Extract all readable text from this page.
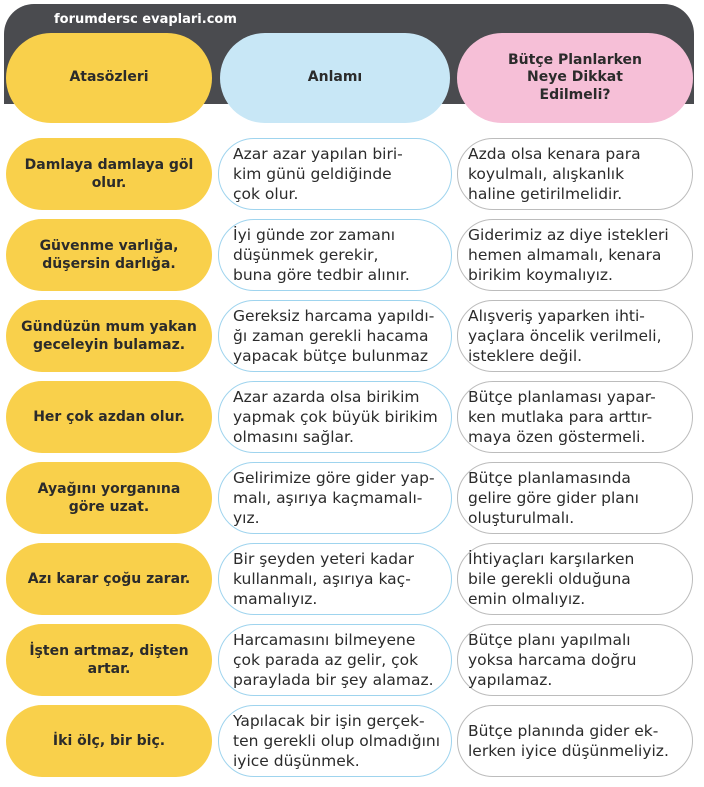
forumdersc evaplari.com
Atasözleri	Anlamı
Bütçe Planlarken
Neye Dikkat
Edilmeli?
Damlaya damlaya göl olur.
Azar azar yapılan biri-
kim günü geldiğinde
çok olur.
Azda olsa kenara para
koyulmalı, alışkanlık
haline getirilmelidir.
Güvenme varlığa, düşersin darlığa.
İyi günde zor zamanı
düşünmek gerekir,
buna göre tedbir alınır.
Giderimiz az diye istekleri
hemen almamalı, kenara
birikim koymalıyız.
Gündüzün mum yakan geceleyin bulamaz.
Gereksiz harcama yapıldı-
ğı zaman gerekli hacama
yapacak bütçe bulunmaz
Alışveriş yaparken ihti-
yaçlara öncelik verilmeli,
isteklere değil.
Her çok azdan olur.
Azar azarda olsa birikim
yapmak çok büyük birikim
olmasını sağlar.
Bütçe planlaması yapar-
ken mutlaka para arttır-
maya özen göstermeli.
Ayağını yorganına göre uzat.
Gelirimize göre gider yap-
malı, aşırıya kaçmamalı-
yız.
Bütçe planlamasında
gelire göre gider planı
oluşturulmalı.
Azı karar çoğu zarar.
Bir şeyden yeteri kadar
kullanmalı, aşırıya kaç-
mamalıyız.
İhtiyaçları karşılarken
bile gerekli olduğuna
emin olmalıyız.
İşten artmaz, dişten artar.
Harcamasını bilmeyene
çok parada az gelir, çok
paraylada bir şey alamaz.
Bütçe planı yapılmalı
yoksa harcama doğru
yapılamaz.
İki ölç, bir biç.
Yapılacak bir işin gerçek-
ten gerekli olup olmadığını
iyice düşünmek.
Bütçe planında gider ek-
lerken iyice düşünmeliyiz.
